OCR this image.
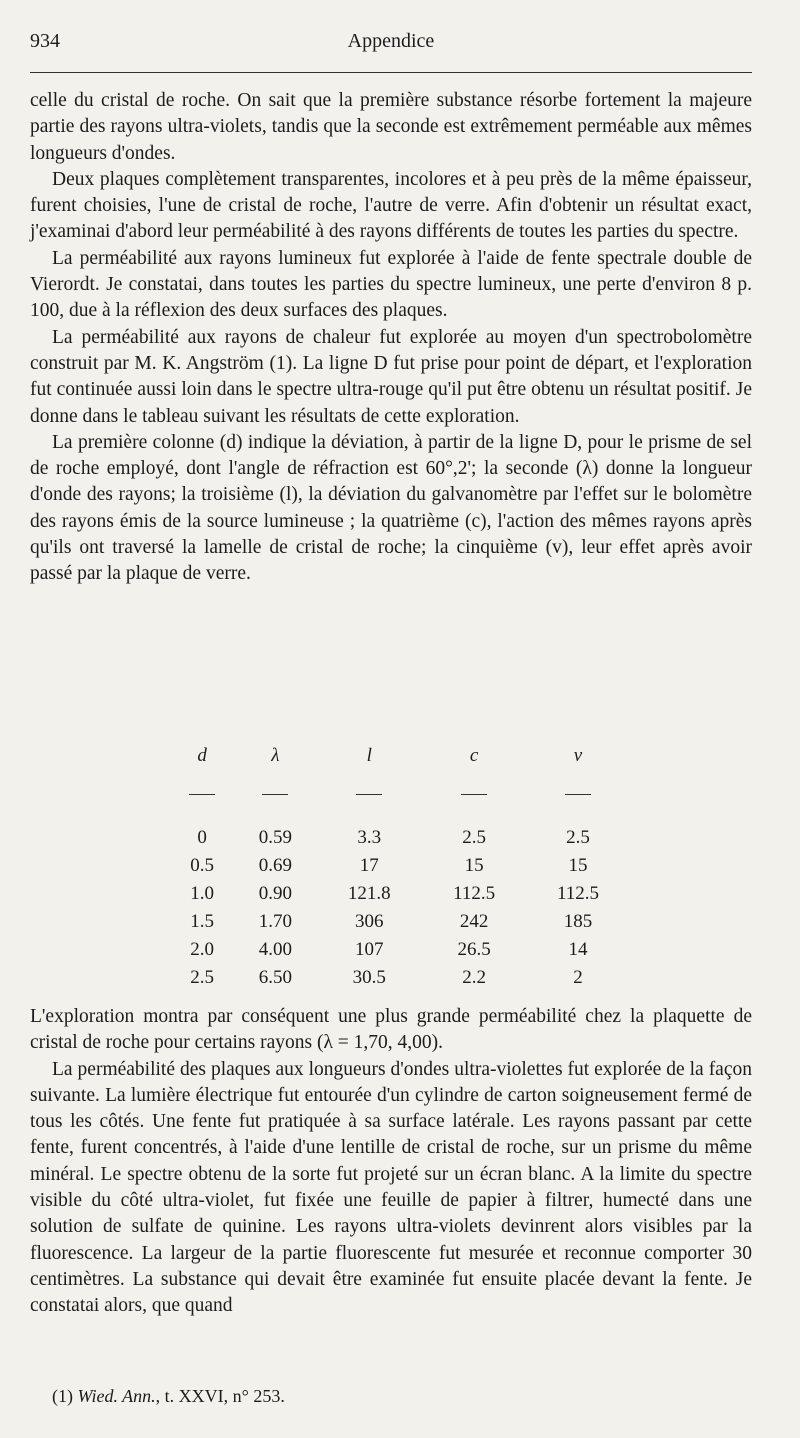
934	Appendice

celle du cristal de roche. On sait que la première substance résorbe fortement la majeure partie des rayons ultra-violets, tandis que la seconde est extrêmement perméable aux mêmes longueurs d'ondes.

Deux plaques complètement transparentes, incolores et à peu près de la même épaisseur, furent choisies, l'une de cristal de roche, l'autre de verre. Afin d'obtenir un résultat exact, j'examinai d'abord leur perméabilité à des rayons différents de toutes les parties du spectre.

La perméabilité aux rayons lumineux fut explorée à l'aide de fente spectrale double de Vierordt. Je constatai, dans toutes les parties du spectre lumineux, une perte d'environ 8 p. 100, due à la réflexion des deux surfaces des plaques.

La perméabilité aux rayons de chaleur fut explorée au moyen d'un spectrobolomètre construit par M. K. Angström (1). La ligne D fut prise pour point de départ, et l'exploration fut continuée aussi loin dans le spectre ultra-rouge qu'il put être obtenu un résultat positif. Je donne dans le tableau suivant les résultats de cette exploration.

La première colonne (d) indique la déviation, à partir de la ligne D, pour le prisme de sel de roche employé, dont l'angle de réfraction est 60°,2'; la seconde (λ) donne la longueur d'onde des rayons; la troisième (l), la déviation du galvanomètre par l'effet sur le bolomètre des rayons émis de la source lumineuse ; la quatrième (c), l'action des mêmes rayons après qu'ils ont traversé la lamelle de cristal de roche; la cinquième (v), leur effet après avoir passé par la plaque de verre.

d	λ	l	c	v

0	0.59	3.3	2.5	2.5
0.5	0.69	17	15	15
1.0	0.90	121.8	112.5	112.5
1.5	1.70	306	242	185
2.0	4.00	107	26.5	14
2.5	6.50	30.5	2.2	2

L'exploration montra par conséquent une plus grande perméabilité chez la plaquette de cristal de roche pour certains rayons (λ = 1,70, 4,00).

La perméabilité des plaques aux longueurs d'ondes ultra-violettes fut explorée de la façon suivante. La lumière électrique fut entourée d'un cylindre de carton soigneusement fermé de tous les côtés. Une fente fut pratiquée à sa surface latérale. Les rayons passant par cette fente, furent concentrés, à l'aide d'une lentille de cristal de roche, sur un prisme du même minéral. Le spectre obtenu de la sorte fut projeté sur un écran blanc. A la limite du spectre visible du côté ultra-violet, fut fixée une feuille de papier à filtrer, humecté dans une solution de sulfate de quinine. Les rayons ultra-violets devinrent alors visibles par la fluorescence. La largeur de la partie fluorescente fut mesurée et reconnue comporter 30 centimètres. La substance qui devait être examinée fut ensuite placée devant la fente. Je constatai alors, que quand

(1) Wied. Ann., t. XXVI, n° 253.
